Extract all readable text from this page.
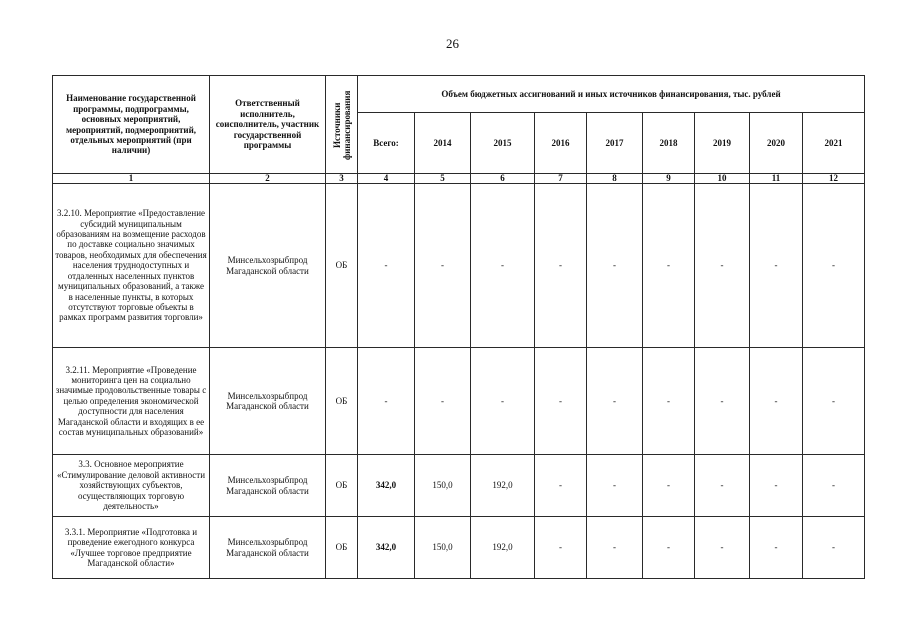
26
Наименование государственной программы, подпрограммы, основных мероприятий, мероприятий, подмероприятий, отдельных мероприятий (при наличии)	Ответственный исполнитель, соисполнитель, участник государственной программы	Источники финансирования	Объем бюджетных ассигнований и иных источников финансирования, тыс. рублей								
			Всего:	2014	2015	2016	2017	2018	2019	2020	2021
1	2	3	4	5	6	7	8	9	10	11	12
3.2.10. Мероприятие «Предоставление субсидий муниципальным образованиям на возмещение расходов по доставке социально значимых товаров, необходимых для обеспечения населения труднодоступных и отдаленных населенных пунктов муниципальных образований, а также в населенные пункты, в которых отсутствуют торговые объекты в рамках программ развития торговли»	Минсельхозрыбпрод Магаданской области	ОБ	-	-	-	-	-	-	-	-	-
3.2.11. Мероприятие «Проведение мониторинга цен на социально значимые продовольственные товары с целью определения экономической доступности для населения Магаданской области и входящих в ее состав муниципальных образований»	Минсельхозрыбпрод Магаданской области	ОБ	-	-	-	-	-	-	-	-	-
3.3. Основное мероприятие «Стимулирование деловой активности хозяйствующих субъектов, осуществляющих торговую деятельность»	Минсельхозрыбпрод Магаданской области	ОБ	342,0	150,0	192,0	-	-	-	-	-	-
3.3.1. Мероприятие «Подготовка и проведение ежегодного конкурса «Лучшее торговое предприятие Магаданской области»	Минсельхозрыбпрод Магаданской области	ОБ	342,0	150,0	192,0	-	-	-	-	-	-
